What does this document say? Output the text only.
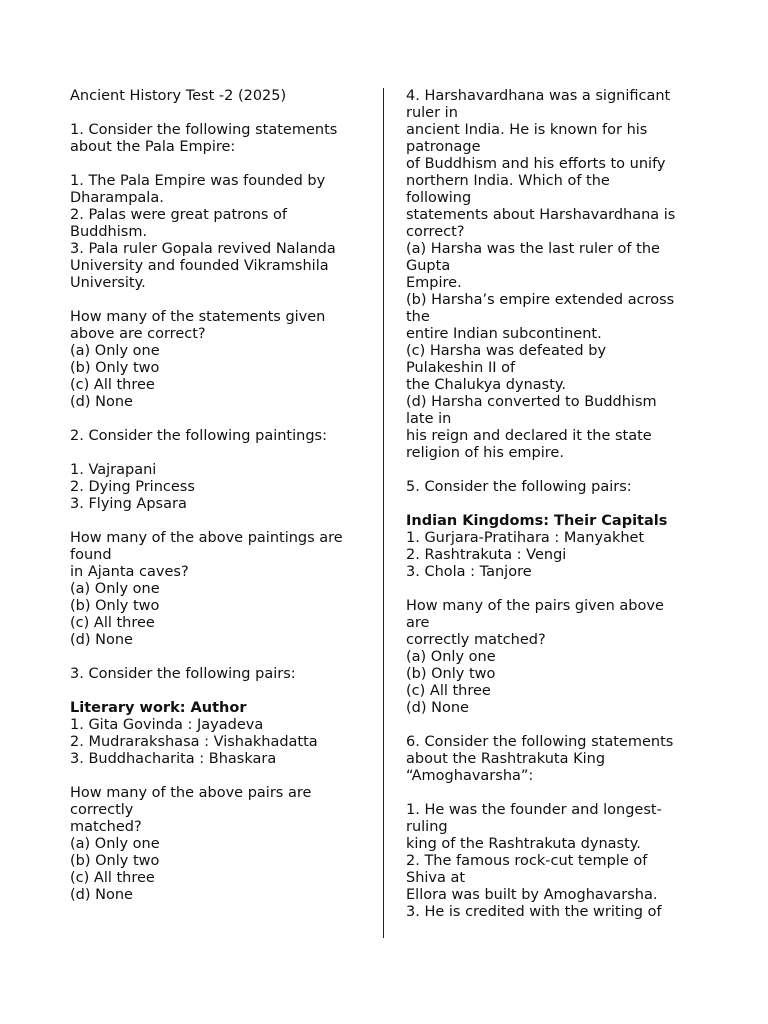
Ancient History Test -2 (2025)
1. Consider the following statements
about the Pala Empire:
1. The Pala Empire was founded by
Dharampala.
2. Palas were great patrons of
Buddhism.
3. Pala ruler Gopala revived Nalanda
University and founded Vikramshila
University.
How many of the statements given
above are correct?
(a) Only one
(b) Only two
(c) All three
(d) None
2. Consider the following paintings:
1. Vajrapani
2. Dying Princess
3. Flying Apsara
How many of the above paintings are
found
in Ajanta caves?
(a) Only one
(b) Only two
(c) All three
(d) None
3. Consider the following pairs:
Literary work: Author
1. Gita Govinda : Jayadeva
2. Mudrarakshasa : Vishakhadatta
3. Buddhacharita : Bhaskara
How many of the above pairs are
correctly
matched?
(a) Only one
(b) Only two
(c) All three
(d) None
4. Harshavardhana was a significant
ruler in
ancient India. He is known for his
patronage
of Buddhism and his efforts to unify
northern India. Which of the
following
statements about Harshavardhana is
correct?
(a) Harsha was the last ruler of the
Gupta
Empire.
(b) Harsha’s empire extended across
the
entire Indian subcontinent.
(c) Harsha was defeated by
Pulakeshin II of
the Chalukya dynasty.
(d) Harsha converted to Buddhism
late in
his reign and declared it the state
religion of his empire.
5. Consider the following pairs:
Indian Kingdoms: Their Capitals
1. Gurjara-Pratihara : Manyakhet
2. Rashtrakuta : Vengi
3. Chola : Tanjore
How many of the pairs given above
are
correctly matched?
(a) Only one
(b) Only two
(c) All three
(d) None
6. Consider the following statements
about the Rashtrakuta King
“Amoghavarsha”:
1. He was the founder and longest-
ruling
king of the Rashtrakuta dynasty.
2. The famous rock-cut temple of
Shiva at
Ellora was built by Amoghavarsha.
3. He is credited with the writing of
